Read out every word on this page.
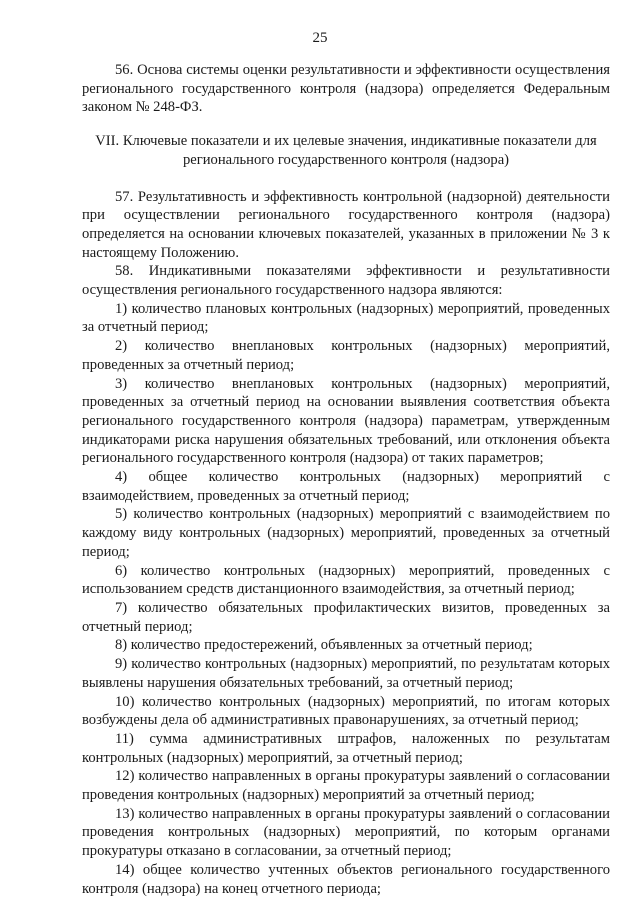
25

56. Основа системы оценки результативности и эффективности осуществления регионального государственного контроля (надзора) определяется Федеральным законом № 248-ФЗ.

VII. Ключевые показатели и их целевые значения, индикативные показатели для регионального государственного контроля (надзора)

57. Результативность и эффективность контрольной (надзорной) деятельности при осуществлении регионального государственного контроля (надзора) определяется на основании ключевых показателей, указанных в приложении № 3 к настоящему Положению.

58. Индикативными показателями эффективности и результативности осуществления регионального государственного надзора являются:

1) количество плановых контрольных (надзорных) мероприятий, проведенных за отчетный период;

2) количество внеплановых контрольных (надзорных) мероприятий, проведенных за отчетный период;

3) количество внеплановых контрольных (надзорных) мероприятий, проведенных за отчетный период на основании выявления соответствия объекта регионального государственного контроля (надзора) параметрам, утвержденным индикаторами риска нарушения обязательных требований, или отклонения объекта регионального государственного контроля (надзора) от таких параметров;

4) общее количество контрольных (надзорных) мероприятий с взаимодействием, проведенных за отчетный период;

5) количество контрольных (надзорных) мероприятий с взаимодействием по каждому виду контрольных (надзорных) мероприятий, проведенных за отчетный период;

6) количество контрольных (надзорных) мероприятий, проведенных с использованием средств дистанционного взаимодействия, за отчетный период;

7) количество обязательных профилактических визитов, проведенных за отчетный период;

8) количество предостережений, объявленных за отчетный период;

9) количество контрольных (надзорных) мероприятий, по результатам которых выявлены нарушения обязательных требований, за отчетный период;

10) количество контрольных (надзорных) мероприятий, по итогам которых возбуждены дела об административных правонарушениях, за отчетный период;

11) сумма административных штрафов, наложенных по результатам контрольных (надзорных) мероприятий, за отчетный период;

12) количество направленных в органы прокуратуры заявлений о согласовании проведения контрольных (надзорных) мероприятий за отчетный период;

13) количество направленных в органы прокуратуры заявлений о согласовании проведения контрольных (надзорных) мероприятий, по которым органами прокуратуры отказано в согласовании, за отчетный период;

14) общее количество учтенных объектов регионального государственного контроля (надзора) на конец отчетного периода;
